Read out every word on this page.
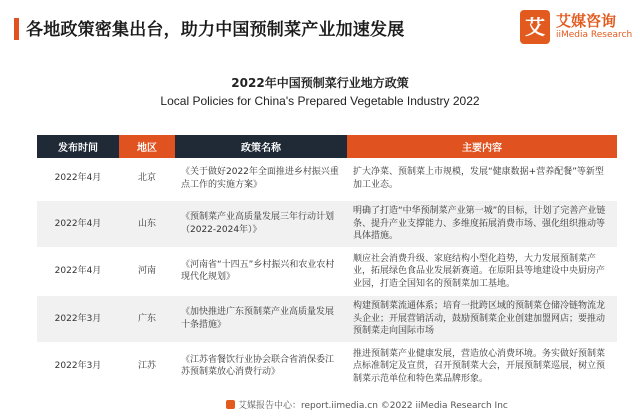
各地政策密集出台，助力中国预制菜产业加速发展	艾 艾媒咨询
iiMedia Research
2022年中国预制菜行业地方政策
Local Policies for China's Prepared Vegetable Industry 2022
发布时间	地区	政策名称	主要内容
2022年4月	北京	《关于做好2022年全面推进乡村振兴重点工作的实施方案》	扩大净菜、预制菜上市规模，发展“健康数据+营养配餐”等新型加工业态。
2022年4月	山东	《预制菜产业高质量发展三年行动计划（2022-2024年）》	明确了打造“中华预制菜产业第一城”的目标，计划了完善产业链条、提升产业支撑能力、多维度拓展消费市场、强化组织推动等具体措施。
2022年4月	河南	《河南省“十四五”乡村振兴和农业农村现代化规划》	顺应社会消费升级、家庭结构小型化趋势，大力发展预制菜产业，拓展绿色食品业发展新赛道。在原阳县等地建设中央厨房产业园，打造全国知名的预制菜加工基地。
2022年3月	广东	《加快推进广东预制菜产业高质量发展十条措施》	构建预制菜流通体系；培育一批跨区域的预制菜仓储冷链物流龙头企业；开展营销活动，鼓励预制菜企业创建加盟网店；要推动预制菜走向国际市场
2022年3月	江苏	《江苏省餐饮行业协会联合省消保委江苏预制菜放心消费行动》	推进预制菜产业健康发展，营造放心消费环境。务实做好预制菜点标准制定及宣贯，召开预制菜大会，开展预制菜巡展，树立预制菜示范单位和特色菜品牌形象。
艾媒报告中心：report.iimedia.cn ©2022 iiMedia Research Inc
